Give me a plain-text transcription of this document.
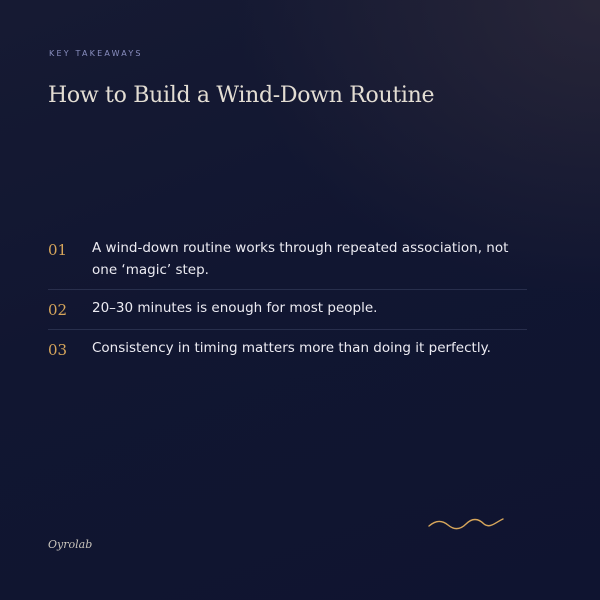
KEY TAKEAWAYS
How to Build a Wind-Down Routine
01	A wind-down routine works through repeated association, not one ‘magic’ step.
02	20–30 minutes is enough for most people.
03	Consistency in timing matters more than doing it perfectly.
Oyrolab
